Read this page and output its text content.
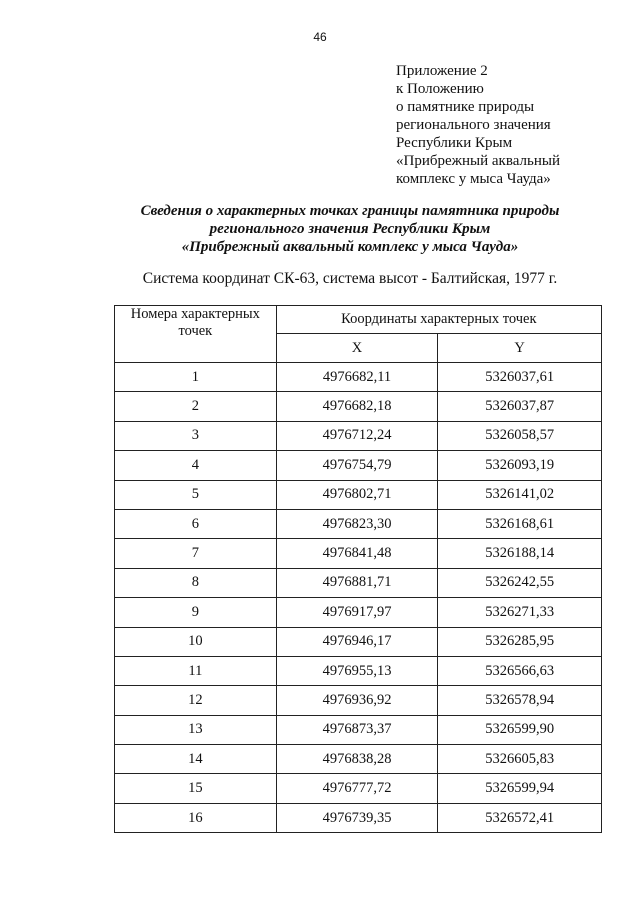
46
Приложение 2
к Положению
о памятнике природы
регионального значения
Республики Крым
«Прибрежный аквальный
комплекс у мыса Чауда»
Сведения о характерных точках границы памятника природы
регионального значения Республики Крым
«Прибрежный аквальный комплекс у мыса Чауда»
Система координат СК-63, система высот - Балтийская, 1977 г.
Номера характерных точек	Координаты характерных точек	
	X	Y
1	4976682,11	5326037,61
2	4976682,18	5326037,87
3	4976712,24	5326058,57
4	4976754,79	5326093,19
5	4976802,71	5326141,02
6	4976823,30	5326168,61
7	4976841,48	5326188,14
8	4976881,71	5326242,55
9	4976917,97	5326271,33
10	4976946,17	5326285,95
11	4976955,13	5326566,63
12	4976936,92	5326578,94
13	4976873,37	5326599,90
14	4976838,28	5326605,83
15	4976777,72	5326599,94
16	4976739,35	5326572,41
